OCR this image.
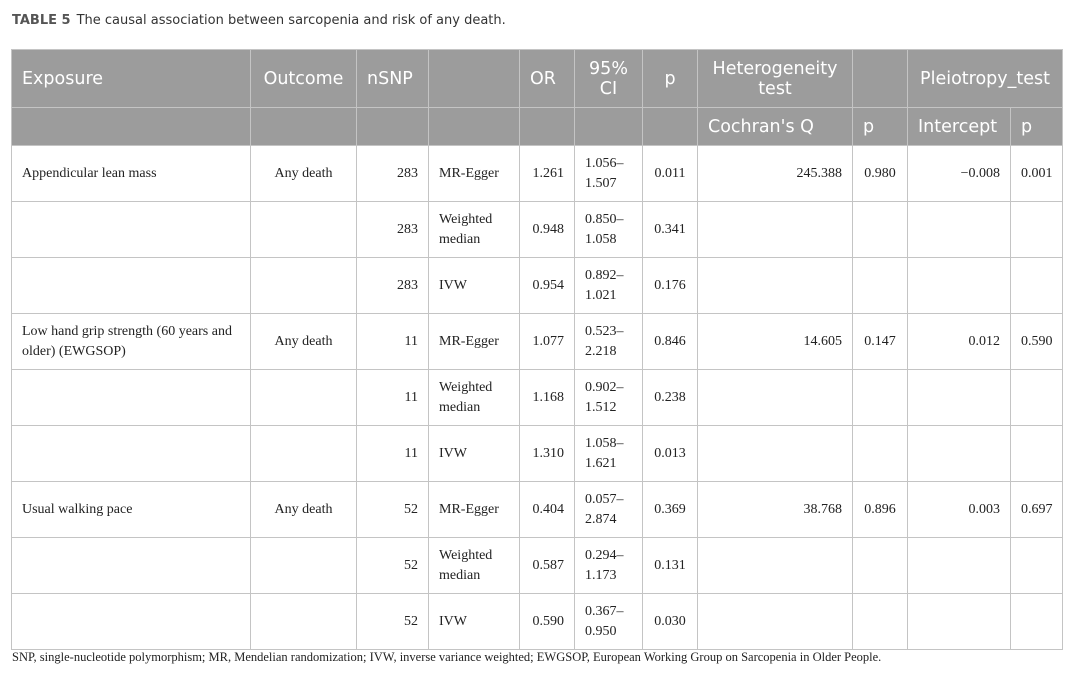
TABLE 5 The causal association between sarcopenia and risk of any death.
Exposure	Outcome	nSNP		OR	95% CI	p	Heterogeneity test		Pleiotropy_test	
							Cochran's Q	p	Intercept	p
Appendicular lean mass	Any death	283	MR-Egger	1.261	1.056–1.507	0.011	245.388	0.980	−0.008	0.001
		283	Weighted median	0.948	0.850–1.058	0.341				
		283	IVW	0.954	0.892–1.021	0.176				
Low hand grip strength (60 years and older) (EWGSOP)	Any death	11	MR-Egger	1.077	0.523–2.218	0.846	14.605	0.147	0.012	0.590
		11	Weighted median	1.168	0.902–1.512	0.238				
		11	IVW	1.310	1.058–1.621	0.013				
Usual walking pace	Any death	52	MR-Egger	0.404	0.057–2.874	0.369	38.768	0.896	0.003	0.697
		52	Weighted median	0.587	0.294–1.173	0.131				
		52	IVW	0.590	0.367–0.950	0.030				
SNP, single-nucleotide polymorphism; MR, Mendelian randomization; IVW, inverse variance weighted; EWGSOP, European Working Group on Sarcopenia in Older People.
